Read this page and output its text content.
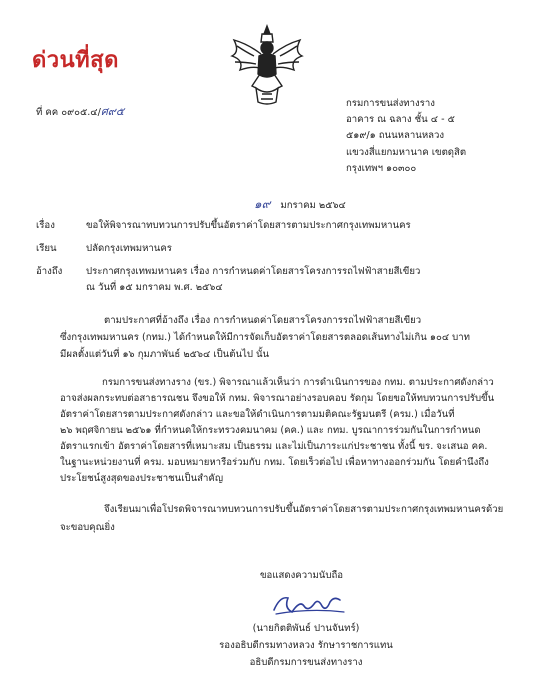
ด่วนที่สุด
ที่ คค ๐๙๐๕.๔/ศ๙๕
กรมการขนส่งทางราง
อาคาร ณ ฉลาง ชั้น ๔ - ๕
๕๑๙/๑ ถนนหลานหลวง
แขวงสี่แยกมหานาค เขตดุสิต
กรุงเทพฯ ๑๐๓๐๐
๑๙ มกราคม ๒๕๖๔
เรื่อง	ขอให้พิจารณาทบทวนการปรับขึ้นอัตราค่าโดยสารตามประกาศกรุงเทพมหานคร
เรียน	ปลัดกรุงเทพมหานคร
อ้างถึง ประกาศกรุงเทพมหานคร เรื่อง การกำหนดค่าโดยสารโครงการรถไฟฟ้าสายสีเขียว
ณ วันที่ ๑๕ มกราคม พ.ศ. ๒๕๖๔
ตามประกาศที่อ้างถึง เรื่อง การกำหนดค่าโดยสารโครงการรถไฟฟ้าสายสีเขียว
ซึ่งกรุงเทพมหานคร (กทม.) ได้กำหนดให้มีการจัดเก็บอัตราค่าโดยสารตลอดเส้นทางไม่เกิน ๑๐๔ บาท
มีผลตั้งแต่วันที่ ๑๖ กุมภาพันธ์ ๒๕๖๔ เป็นต้นไป นั้น
กรมการขนส่งทางราง (ขร.) พิจารณาแล้วเห็นว่า การดำเนินการของ กทม. ตามประกาศดังกล่าว
อาจส่งผลกระทบต่อสาธารณชน จึงขอให้ กทม. พิจารณาอย่างรอบคอบ รัดกุม โดยขอให้ทบทวนการปรับขึ้น
อัตราค่าโดยสารตามประกาศดังกล่าว และขอให้ดำเนินการตามมติคณะรัฐมนตรี (ครม.) เมื่อวันที่
๒๖ พฤศจิกายน ๒๕๖๑ ที่กำหนดให้กระทรวงคมนาคม (คค.) และ กทม. บูรณาการร่วมกันในการกำหนด
อัตราแรกเข้า อัตราค่าโดยสารที่เหมาะสม เป็นธรรม และไม่เป็นภาระแก่ประชาชน ทั้งนี้ ขร. จะเสนอ คค.
ในฐานะหน่วยงานที่ ครม. มอบหมายหารือร่วมกับ กทม. โดยเร็วต่อไป เพื่อหาทางออกร่วมกัน โดยคำนึงถึง
ประโยชน์สูงสุดของประชาชนเป็นสำคัญ
จึงเรียนมาเพื่อโปรดพิจารณาทบทวนการปรับขึ้นอัตราค่าโดยสารตามประกาศกรุงเทพมหานครด้วย
จะขอบคุณยิ่ง
ขอแสดงความนับถือ
(นายกิตติพันธ์ ปานจันทร์)
รองอธิบดีกรมทางหลวง รักษาราชการแทน
อธิบดีกรมการขนส่งทางราง
